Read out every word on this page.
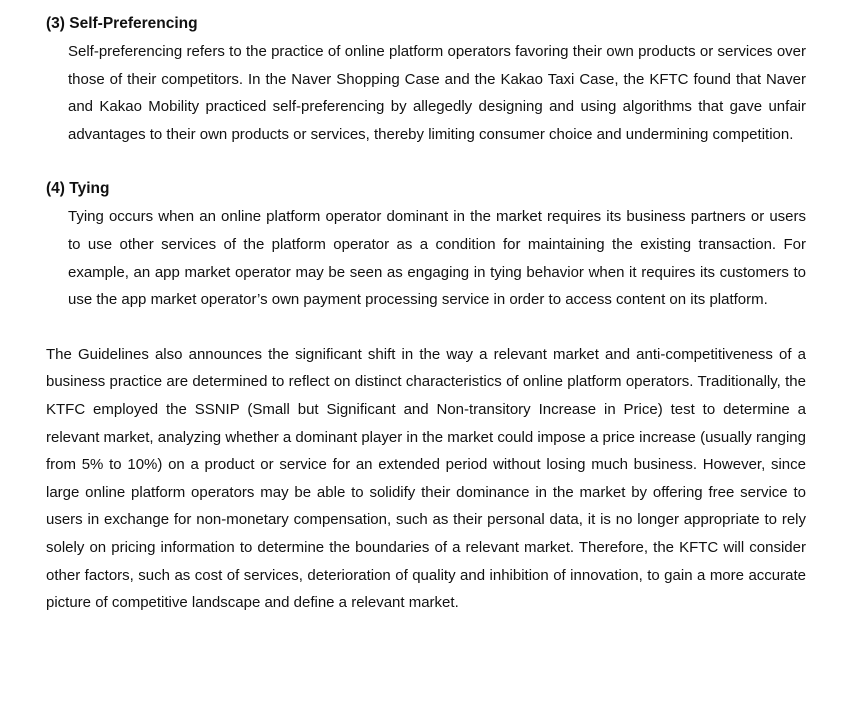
(3) Self-Preferencing

Self-preferencing refers to the practice of online platform operators favoring their own products or services over those of their competitors. In the Naver Shopping Case and the Kakao Taxi Case, the KFTC found that Naver and Kakao Mobility practiced self-preferencing by allegedly designing and using algorithms that gave unfair advantages to their own products or services, thereby limiting consumer choice and undermining competition.

(4) Tying

Tying occurs when an online platform operator dominant in the market requires its business partners or users to use other services of the platform operator as a condition for maintaining the existing transaction. For example, an app market operator may be seen as engaging in tying behavior when it requires its customers to use the app market operator’s own payment processing service in order to access content on its platform.

The Guidelines also announces the significant shift in the way a relevant market and anti-competitiveness of a business practice are determined to reflect on distinct characteristics of online platform operators. Traditionally, the KTFC employed the SSNIP (Small but Significant and Non-transitory Increase in Price) test to determine a relevant market, analyzing whether a dominant player in the market could impose a price increase (usually ranging from 5% to 10%) on a product or service for an extended period without losing much business. However, since large online platform operators may be able to solidify their dominance in the market by offering free service to users in exchange for non-monetary compensation, such as their personal data, it is no longer appropriate to rely solely on pricing information to determine the boundaries of a relevant market. Therefore, the KFTC will consider other factors, such as cost of services, deterioration of quality and inhibition of innovation, to gain a more accurate picture of competitive landscape and define a relevant market.
